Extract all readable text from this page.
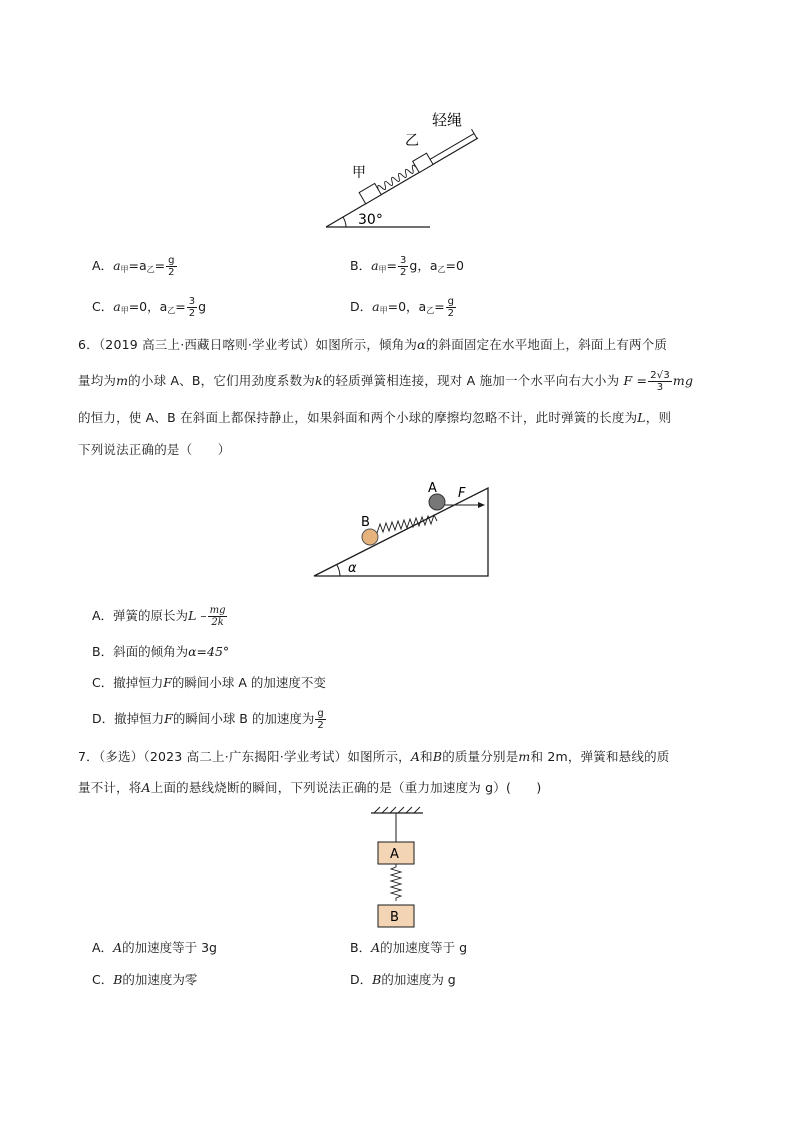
轻绳
乙
甲
30°
A．$a_甲=a_乙= \frac{g}{2}$	B．$a_甲= \frac{3}{2}$ g，$a_乙=0$
C．$a_甲=0$，$a_乙= \frac{3}{2}$ g	D．$a_甲=0$，$a_乙= \frac{g}{2}$
6．（2019 高三上·西藏日喀则·学业考试）如图所示，倾角为α的斜面固定在水平地面上，斜面上有两个质
量均为m的小球 A、B，它们用劲度系数为k的轻质弹簧相连接，现对 A 施加一个水平向右大小为 $F = \frac{2√3}{3}$ mg
的恒力，使 A、B 在斜面上都保持静止，如果斜面和两个小球的摩擦均忽略不计，此时弹簧的长度为L，则
下列说法正确的是（　　）
A
B
F
α
A．弹簧的原长为L – $\frac{mg}{2k}$
B．斜面的倾角为α=45°
C．撤掉恒力F的瞬间小球 A 的加速度不变
D．撤掉恒力F的瞬间小球 B 的加速度为 $\frac{g}{2}$
7．（多选）（2023 高二上·广东揭阳·学业考试）如图所示，A和B的质量分别是m和 2m，弹簧和悬线的质
量不计，将A上面的悬线烧断的瞬间，下列说法正确的是（重力加速度为 g）(　　)
A
B
A．A的加速度等于 3g	B．A的加速度等于 g
C．B的加速度为零	D．B的加速度为 g
